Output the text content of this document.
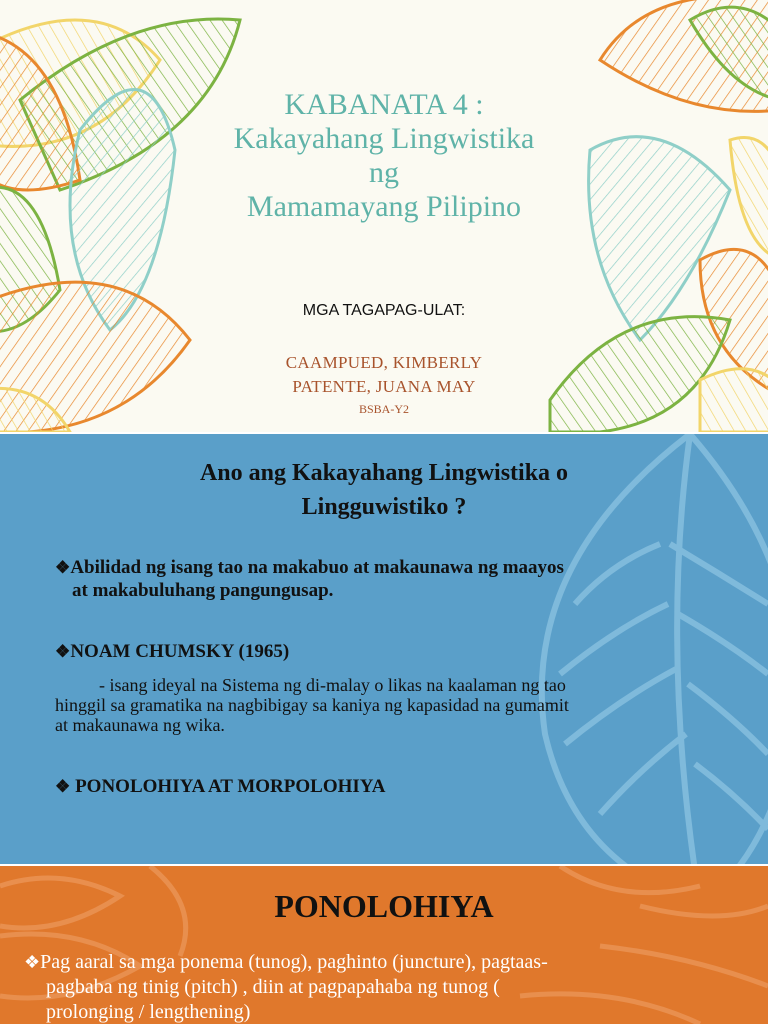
KABANATA 4 :
Kakayahang Lingwistika
ng
Mamamayang Pilipino
MGA TAGAPAG-ULAT:
CAAMPUED, KIMBERLY
PATENTE, JUANA MAY
BSBA-Y2
Ano ang Kakayahang Lingwistika o
Lingguwistiko ?
❖Abilidad ng isang tao na makabuo at makaunawa ng maayos
at makabuluhang pangungusap.
❖NOAM CHUMSKY (1965)
- isang ideyal na Sistema ng di-malay o likas na kaalaman ng tao
hinggil sa gramatika na nagbibigay sa kaniya ng kapasidad na gumamit
at makaunawa ng wika.
❖ PONOLOHIYA AT MORPOLOHIYA
PONOLOHIYA
❖Pag aaral sa mga ponema (tunog), paghinto (juncture), pagtaas-
pagbaba ng tinig (pitch) , diin at pagpapahaba ng tunog (
prolonging / lengthening)
